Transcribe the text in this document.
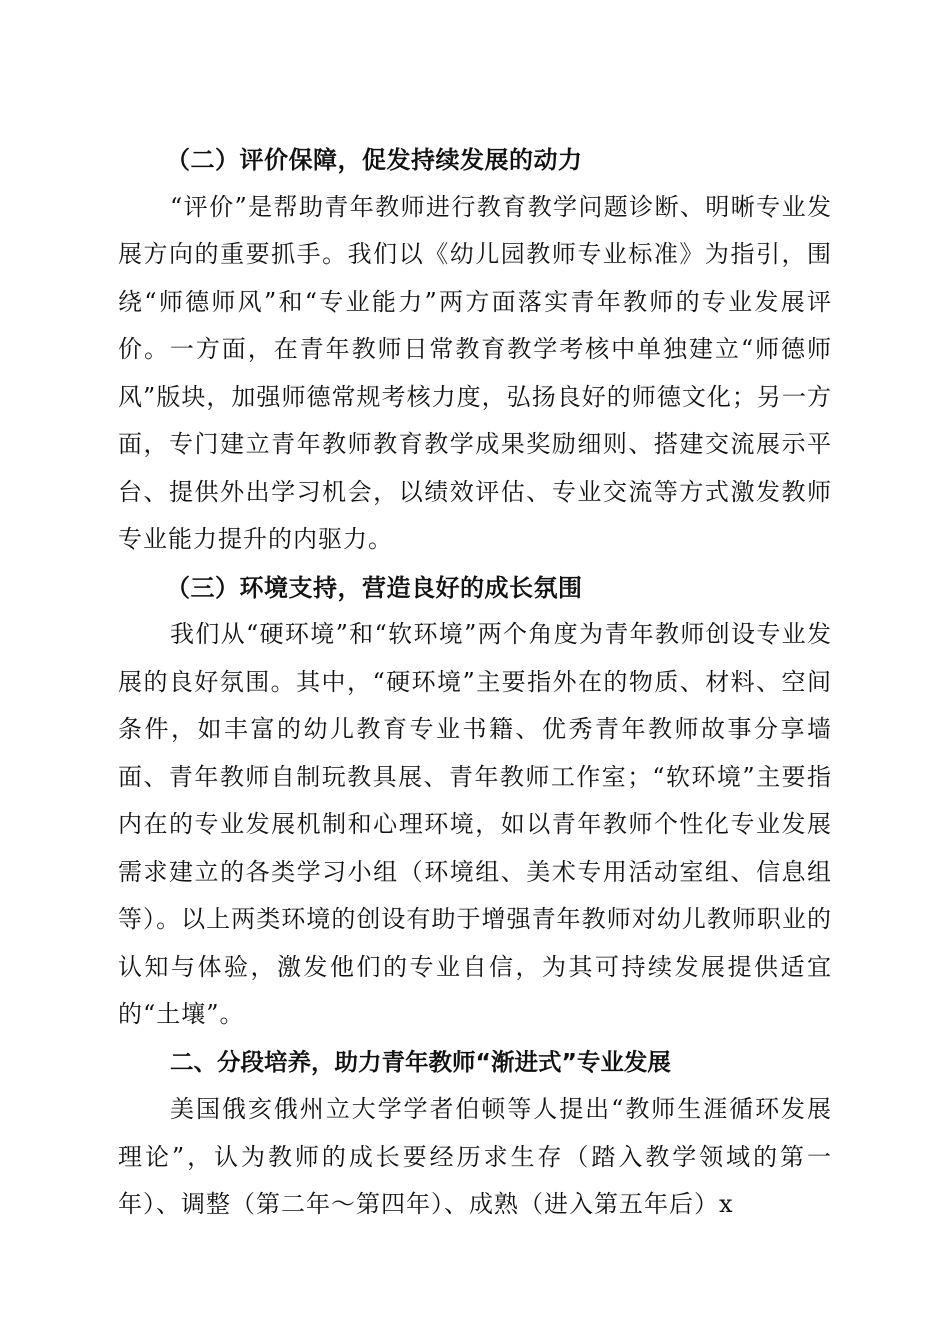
（二）评价保障，促发持续发展的动力

“评价”是帮助青年教师进行教育教学问题诊断、明晰专业发展方向的重要抓手。我们以《幼儿园教师专业标准》为指引，围绕“师德师风”和“专业能力”两方面落实青年教师的专业发展评价。一方面，在青年教师日常教育教学考核中单独建立“师德师风”版块，加强师德常规考核力度，弘扬良好的师德文化；另一方面，专门建立青年教师教育教学成果奖励细则、搭建交流展示平台、提供外出学习机会，以绩效评估、专业交流等方式激发教师专业能力提升的内驱力。

（三）环境支持，营造良好的成长氛围

我们从“硬环境”和“软环境”两个角度为青年教师创设专业发展的良好氛围。其中，“硬环境”主要指外在的物质、材料、空间条件，如丰富的幼儿教育专业书籍、优秀青年教师故事分享墙面、青年教师自制玩教具展、青年教师工作室；“软环境”主要指内在的专业发展机制和心理环境，如以青年教师个性化专业发展需求建立的各类学习小组（环境组、美术专用活动室组、信息组等）。以上两类环境的创设有助于增强青年教师对幼儿教师职业的认知与体验，激发他们的专业自信，为其可持续发展提供适宜的“土壤”。

二、分段培养，助力青年教师“渐进式”专业发展

美国俄亥俄州立大学学者伯顿等人提出“教师生涯循环发展理论”，认为教师的成长要经历求生存（踏入教学领域的第一年）、调整（第二年～第四年）、成熟（进入第五年后）x
